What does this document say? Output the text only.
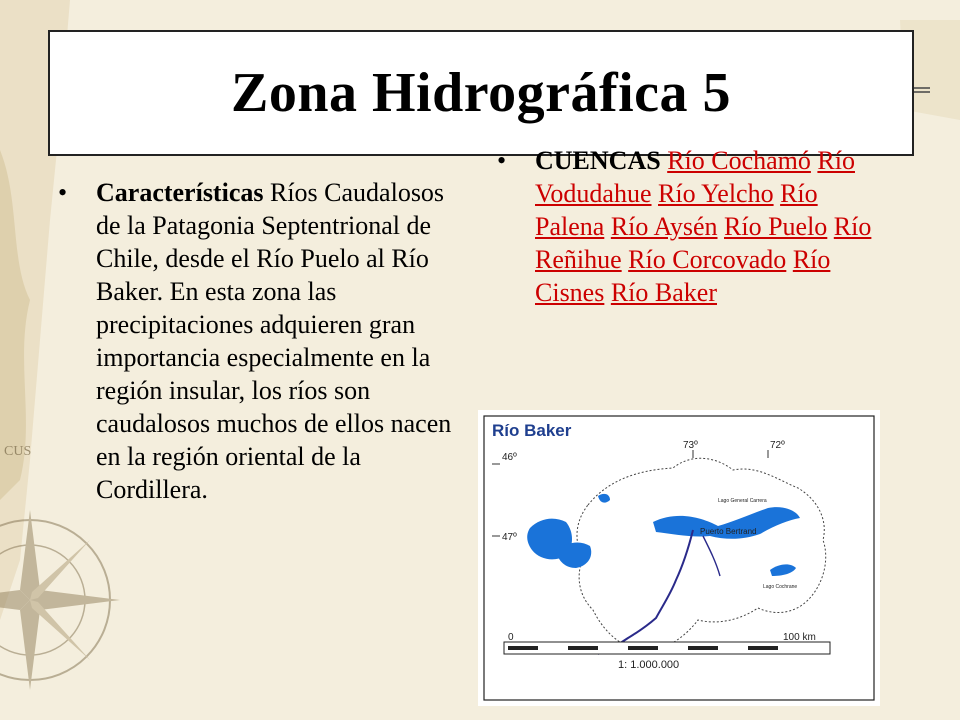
CUS
Zona Hidrográfica 5
•	Características Ríos Caudalosos de la Patagonia Septentrional de Chile, desde el Río Puelo al Río Baker. En esta zona las precipitaciones adquieren gran importancia especialmente en la región insular, los ríos son caudalosos muchos de ellos nacen en la región oriental de la Cordillera.
•	CUENCAS Río Cochamó Río Vodudahue Río Yelcho Río Palena Río Aysén Río Puelo Río Reñihue Río Corcovado Río Cisnes Río Baker
Río Baker
73º	72º
46º
47º
Lago General Carrera
Lago Cochrane
Puerto Bertrand
0	100 km
1: 1.000.000
